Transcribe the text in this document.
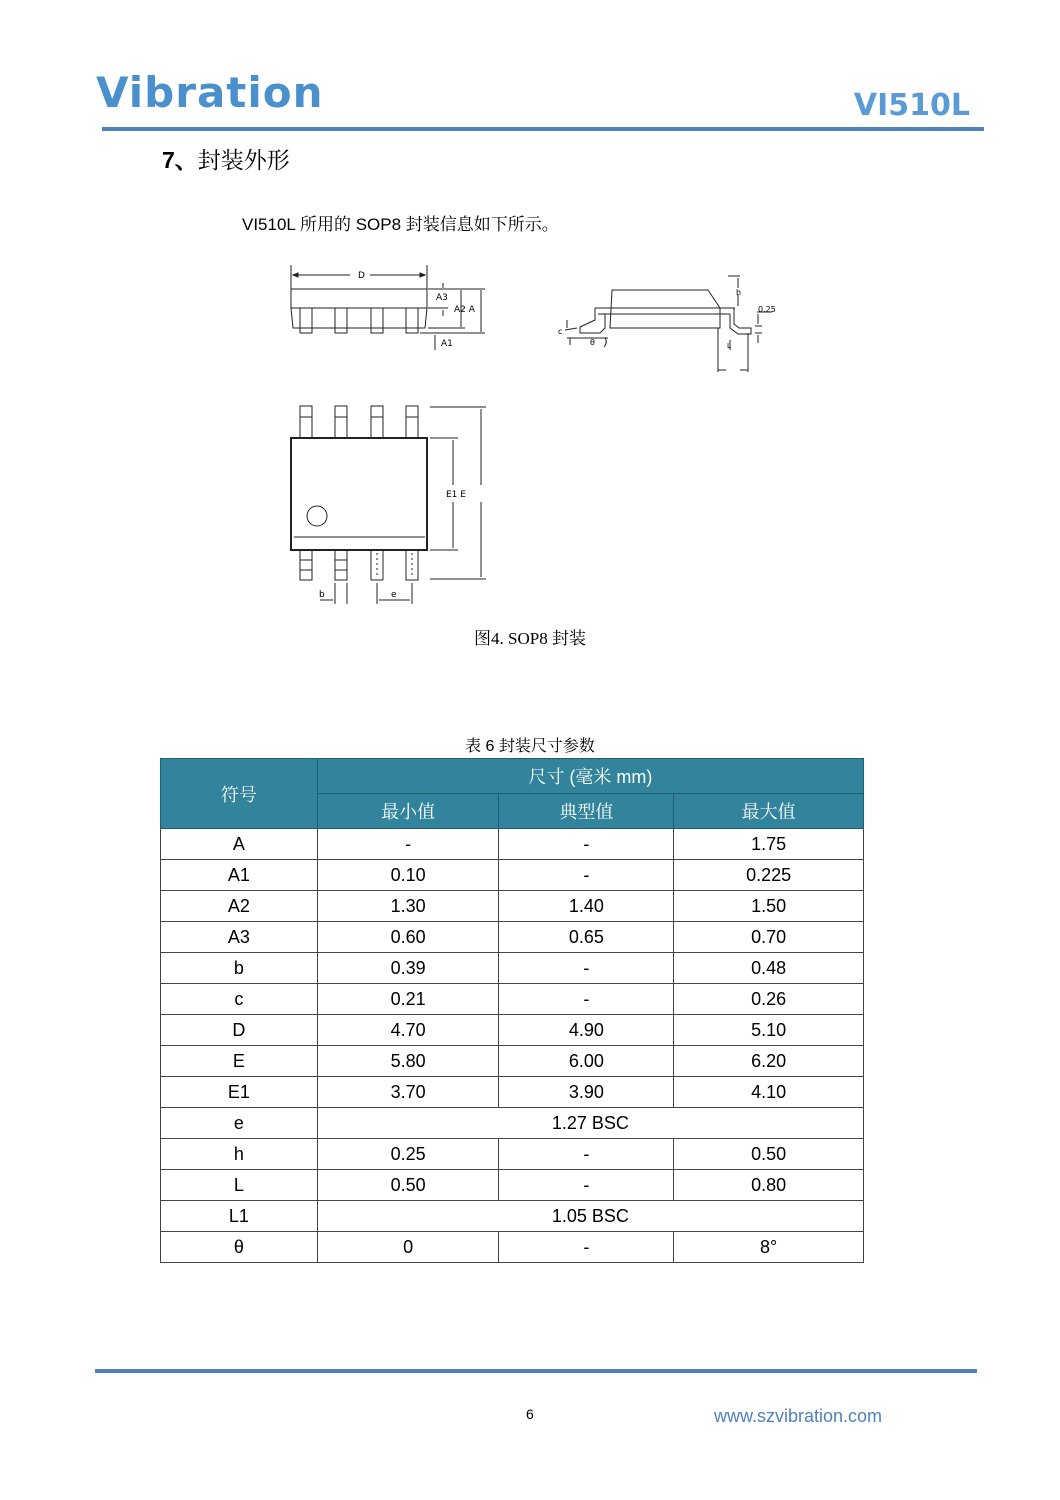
Vibration	VI510L
7、封装外形
VI510L 所用的 SOP8 封装信息如下所示。
D
A3
A2 A
A1
c
θ
h
0.25
L
E1 E
b	e
图4. SOP8 封装
表 6 封装尺寸参数
符号	尺寸 (毫米 mm)		
	最小值	典型值	最大值
A	-	-	1.75
A1	0.10	-	0.225
A2	1.30	1.40	1.50
A3	0.60	0.65	0.70
b	0.39	-	0.48
c	0.21	-	0.26
D	4.70	4.90	5.10
E	5.80	6.00	6.20
E1	3.70	3.90	4.10
e	1.27 BSC		
h	0.25	-	0.50
L	0.50	-	0.80
L1	1.05 BSC		
θ	0	-	8°
6	www.szvibration.com
